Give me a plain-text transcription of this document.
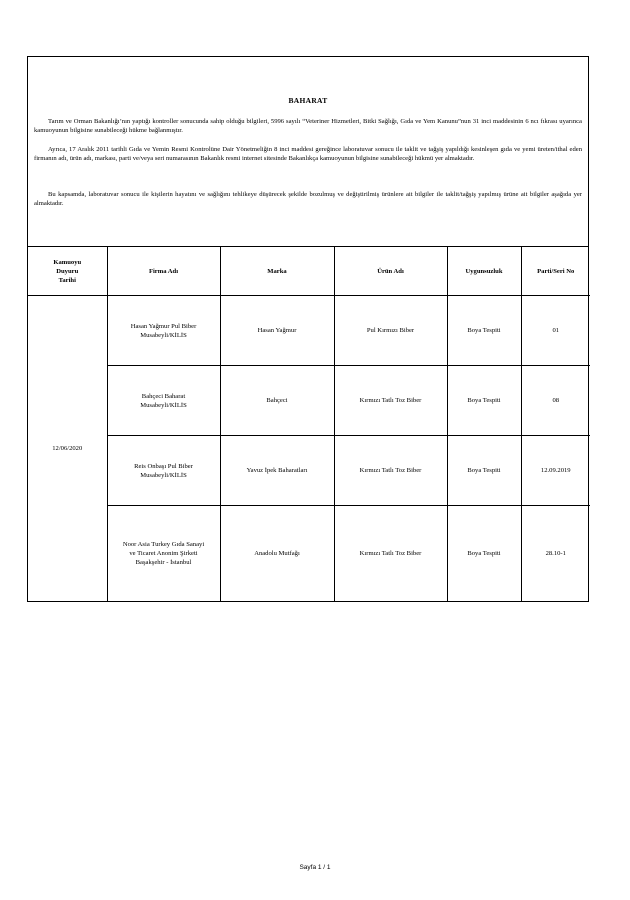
BAHARAT

Tarım ve Orman Bakanlığı’nın yaptığı kontroller sonucunda sahip olduğu bilgileri, 5996 sayılı “Veteriner Hizmetleri, Bitki Sağlığı, Gıda ve Yem Kanunu”nun 31 inci maddesinin 6 ncı fıkrası uyarınca kamuoyunun bilgisine sunabileceği hükme bağlanmıştır.

Ayrıca, 17 Aralık 2011 tarihli Gıda ve Yemin Resmi Kontrolüne Dair Yönetmeliğin 8 inci maddesi gereğince laboratuvar sonucu ile taklit ve tağşiş yapıldığı kesinleşen gıda ve yemi üreten/ithal eden firmanın adı, ürün adı, markası, parti ve/veya seri numarasının Bakanlık resmi internet sitesinde Bakanlıkça kamuoyunun bilgisine sunabileceği hükmü yer almaktadır.

Bu kapsamda, laboratuvar sonucu ile kişilerin hayatını ve sağlığını tehlikeye düşürecek şekilde bozulmuş ve değiştirilmiş ürünlere ait bilgiler ile taklit/tağşiş yapılmış ürüne ait bilgiler aşağıda yer almaktadır.

Kamuoyu
Duyuru
Tarihi	Firma Adı	Marka	Ürün Adı	Uygunsuzluk	Parti/Seri No
12/06/2020	Hasan Yağmur Pul Biber
Musabeyli/KİLİS	Hasan Yağmur	Pul Kırmızı Biber	Boya Tespiti	01
	Bahçeci Baharat
Musabeyli/KİLİS	Bahçeci	Kırmızı Tatlı Toz Biber	Boya Tespiti	08
	Reis Onbaşı Pul Biber
Musabeyli/KİLİS	Yavuz İpek Baharatları	Kırmızı Tatlı Toz Biber	Boya Tespiti	12.09.2019
	Noor Asia Turkey Gıda Sanayi
ve Ticaret Anonim Şirketi
Başakşehir - İstanbul	Anadolu Mutfağı	Kırmızı Tatlı Toz Biber	Boya Tespiti	28.10-1
Sayfa 1 / 1
